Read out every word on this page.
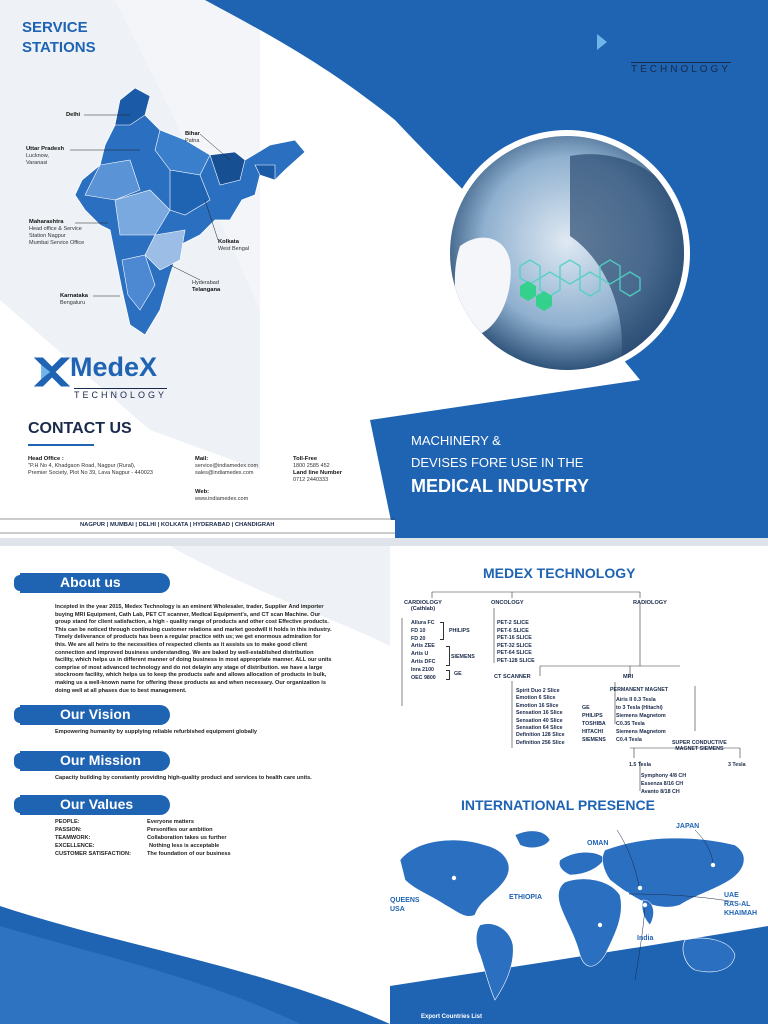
SERVICE
STATIONS
Delhi
Bihar
Patna
Uttar Pradesh
Lucknow,
Varanasi
Maharashtra
Head office & Service
Station Nagpur
Mumbai Service Office	Kolkata
West Bengal
Hyderabad
Telangana
Karnataka
Bengaluru
MedeX
TECHNOLOGY
MACHINERY &
DEVISES FORE USE IN THE
MEDICAL INDUSTRY
MedeX
TECHNOLOGY
CONTACT US
Head Office :
"P.H No 4, Khadgaon Road, Nagpur (Rural),
Premier Society, Plot No 39, Lava Nagpur - 440023
Mail:
service@indiamedex.com
sales@indiamedex.com
Web:
www.indiamedex.com
Toll-Free
1800 2585 452
Land line Number
0712 2440333
NAGPUR | MUMBAI | DELHI | KOLKATA | HYDERABAD | CHANDIGRAH
About us
Incepted in the year 2015, Medex Technology is an eminent Wholesaler, trader, Supplier And importer
buying MRI Equipment, Cath Lab, PET CT scanner, Medical Equipment's, and CT scan Machine. Our
group stand for client satisfaction, a high - quality range of products and other cost Effective products.
This can be noticed through continuing customer relations and market goodwill it holds in this industry.
Timely deliverance of products has been a regular practice with us; we get enormous admiration for
this. We are all heirs to the necessities of respected clients as it assists us to make good client
connection and improved business understanding. We are baked by well-established distribution
facility, which helps us in different manner of doing business in most appropriate manner. ALL our units
comprise of most advanced technology and do not delayin any stage of distribution. we have a large
stockroom facility, which helps us to keep the products safe and allows allocation of products in bulk,
making us a well-known name for offering these products as and when necessary. Our organization is
doing well at all phases due to best management.
Our Vision
Empowering humanity by supplying reliable refurbished equipment globally
Our Mission
Capacity building by constantly providing high-quality product and services to health care units.
Our Values
PEOPLE:	Everyone matters
PASSION:	Personifies our ambition
TEAMWORK:	Collaboration takes us further
EXCELLENCE:	Nothing less is acceptable
CUSTOMER SATISFACTION:	The foundation of our business
MEDEX TECHNOLOGY
CARDIOLOGY
(Cathlab)
ONCOLOGY	RADIOLOGY
Allura FC
FD 10
FD 20
Artis ZEE
Artis U
Artis DFC
Inra 2100
OEC 9800
PHILIPS
SIEMENS
GE
PET-2 SLICE
PET-6 SLICE
PET-16 SLICE
PET-32 SLICE
PET-64 SLICE
PET-128 SLICE
CT SCANNER
Spirit Duo 2 Slice
Emotion 6 Slice
Emotion 16 Slice
Sensation 16 Slice
Sensation 40 Slice
Sensation 64 Slice
Definition 128 Slice
Definition 256 Slice
GE
PHILIPS
TOSHIBA
HITACHI
SIEMENS
MRI
PERMANENT MAGNET
Airis II 0.3 Tesla
to 3 Tesla (Hitachi)
Siemens Magnetom
C0.35 Tesla
Siemens Magnetom
C0.4 Tesla	SUPER CONDUCTIVE
MAGNET SIEMENS
1.5 Tesla	3 Tesla
Symphony 4/8 CH
Essenza 8/16 CH
Avanto 8/18 CH
INTERNATIONAL PRESENCE
JAPAN
OMAN
QUEENS
USA
ETHIOPIA
India
UAE
RAS-AL
KHAIMAH
Export Countries List
